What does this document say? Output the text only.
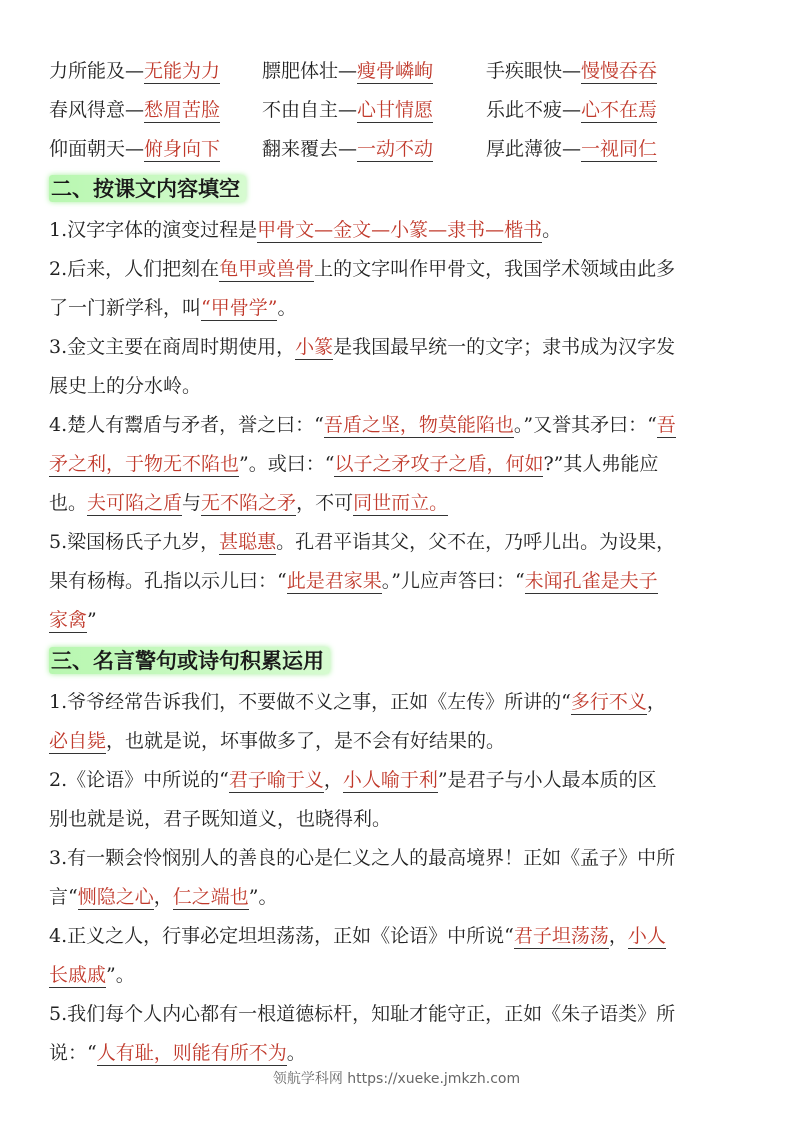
力所能及—无能为力 膘肥体壮—瘦骨嶙峋	手疾眼快—慢慢吞吞
春风得意—愁眉苦脸 不由自主—心甘情愿	乐此不疲—心不在焉
仰面朝天—俯身向下 翻来覆去—一动不动	厚此薄彼—一视同仁
二、按课文内容填空
1.汉字字体的演变过程是甲骨文—金文—小篆—隶书—楷书。
2.后来，人们把刻在龟甲或兽骨上的文字叫作甲骨文，我国学术领域由此多
了一门新学科，叫“甲骨学”。
3.金文主要在商周时期使用，小篆是我国最早统一的文字；隶书成为汉字发
展史上的分水岭。
4.楚人有鬻盾与矛者，誉之曰：“吾盾之坚，物莫能陷也。”又誉其矛曰：“吾
矛之利，于物无不陷也”。或曰：“以子之矛攻子之盾，何如?”其人弗能应
也。夫可陷之盾与无不陷之矛，不可同世而立。
5.梁国杨氏子九岁，甚聪惠。孔君平诣其父，父不在，乃呼儿出。为设果，
果有杨梅。孔指以示儿曰：“此是君家果。”儿应声答曰：“未闻孔雀是夫子
家禽”
三、名言警句或诗句积累运用
1.爷爷经常告诉我们，不要做不义之事，正如《左传》所讲的“多行不义，
必自毙，也就是说，坏事做多了，是不会有好结果的。
2.《论语》中所说的“君子喻于义，小人喻于利”是君子与小人最本质的区
别也就是说，君子既知道义，也晓得利。
3.有一颗会怜悯别人的善良的心是仁义之人的最高境界！正如《孟子》中所
言“恻隐之心，仁之端也”。
4.正义之人，行事必定坦坦荡荡，正如《论语》中所说“君子坦荡荡，小人
长戚戚”。
5.我们每个人内心都有一根道德标杆，知耻才能守正，正如《朱子语类》所
说：“人有耻，则能有所不为。
领航学科网 https://xueke.jmkzh.com
